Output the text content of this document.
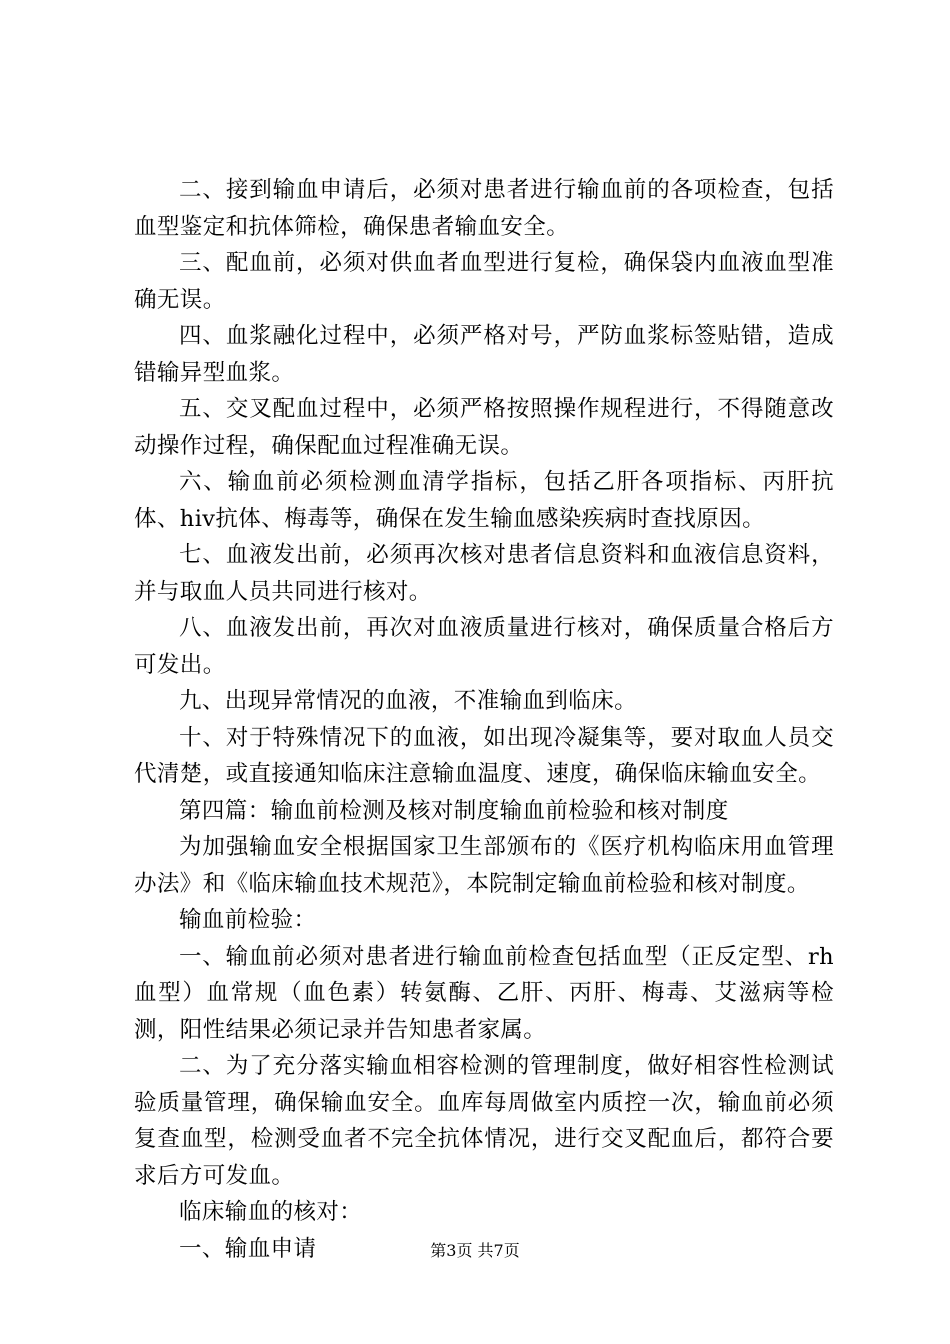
二、接到输血申请后，必须对患者进行输血前的各项检查，包括血型鉴定和抗体筛检，确保患者输血安全。

三、配血前，必须对供血者血型进行复检，确保袋内血液血型准确无误。

四、血浆融化过程中，必须严格对号，严防血浆标签贴错，造成错输异型血浆。

五、交叉配血过程中，必须严格按照操作规程进行，不得随意改动操作过程，确保配血过程准确无误。

六、输血前必须检测血清学指标，包括乙肝各项指标、丙肝抗体、hiv抗体、梅毒等，确保在发生输血感染疾病时查找原因。

七、血液发出前，必须再次核对患者信息资料和血液信息资料，并与取血人员共同进行核对。

八、血液发出前，再次对血液质量进行核对，确保质量合格后方可发出。

九、出现异常情况的血液，不准输血到临床。

十、对于特殊情况下的血液，如出现冷凝集等，要对取血人员交代清楚，或直接通知临床注意输血温度、速度，确保临床输血安全。

第四篇：输血前检测及核对制度输血前检验和核对制度

为加强输血安全根据国家卫生部颁布的《医疗机构临床用血管理办法》和《临床输血技术规范》，本院制定输血前检验和核对制度。

输血前检验：

一、输血前必须对患者进行输血前检查包括血型（正反定型、rh血型）血常规（血色素）转氨酶、乙肝、丙肝、梅毒、艾滋病等检测，阳性结果必须记录并告知患者家属。

二、为了充分落实输血相容检测的管理制度，做好相容性检测试验质量管理，确保输血安全。血库每周做室内质控一次，输血前必须复查血型，检测受血者不完全抗体情况，进行交叉配血后，都符合要求后方可发血。

临床输血的核对：

一、输血申请	第3页 共7页
